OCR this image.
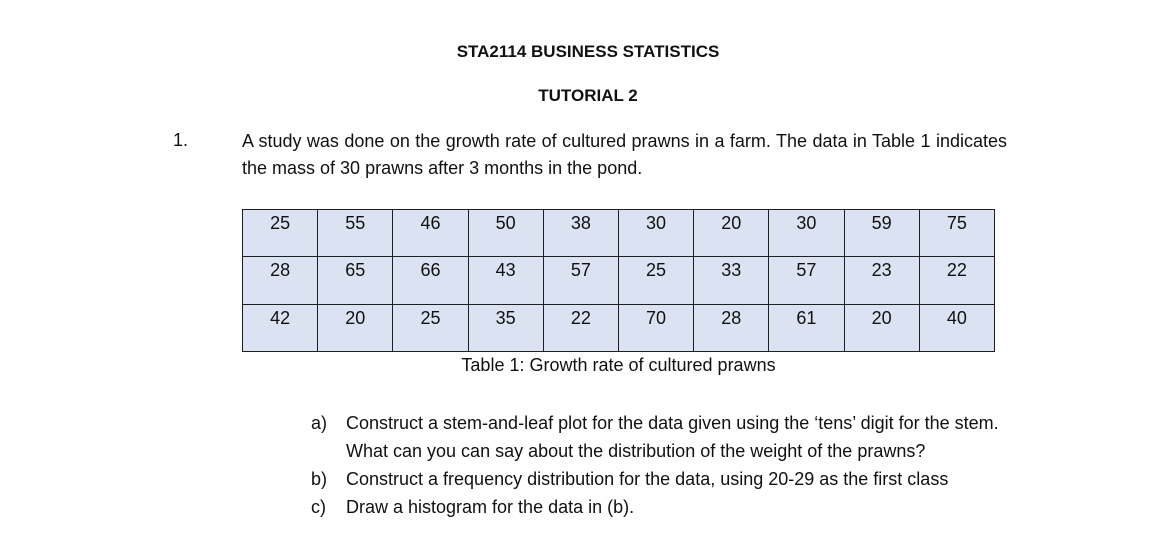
STA2114 BUSINESS STATISTICS
TUTORIAL 2
1.	A study was done on the growth rate of cultured prawns in a farm. The data in Table 1 indicates the mass of 30 prawns after 3 months in the pond.
25	55	46	50	38	30	20	30	59	75
28	65	66	43	57	25	33	57	23	22
42	20	25	35	22	70	28	61	20	40
Table 1: Growth rate of cultured prawns
a)	Construct a stem-and-leaf plot for the data given using the ‘tens’ digit for the stem. What can you can say about the distribution of the weight of the prawns?
b)	Construct a frequency distribution for the data, using 20-29 as the first class
c)	Draw a histogram for the data in (b).
